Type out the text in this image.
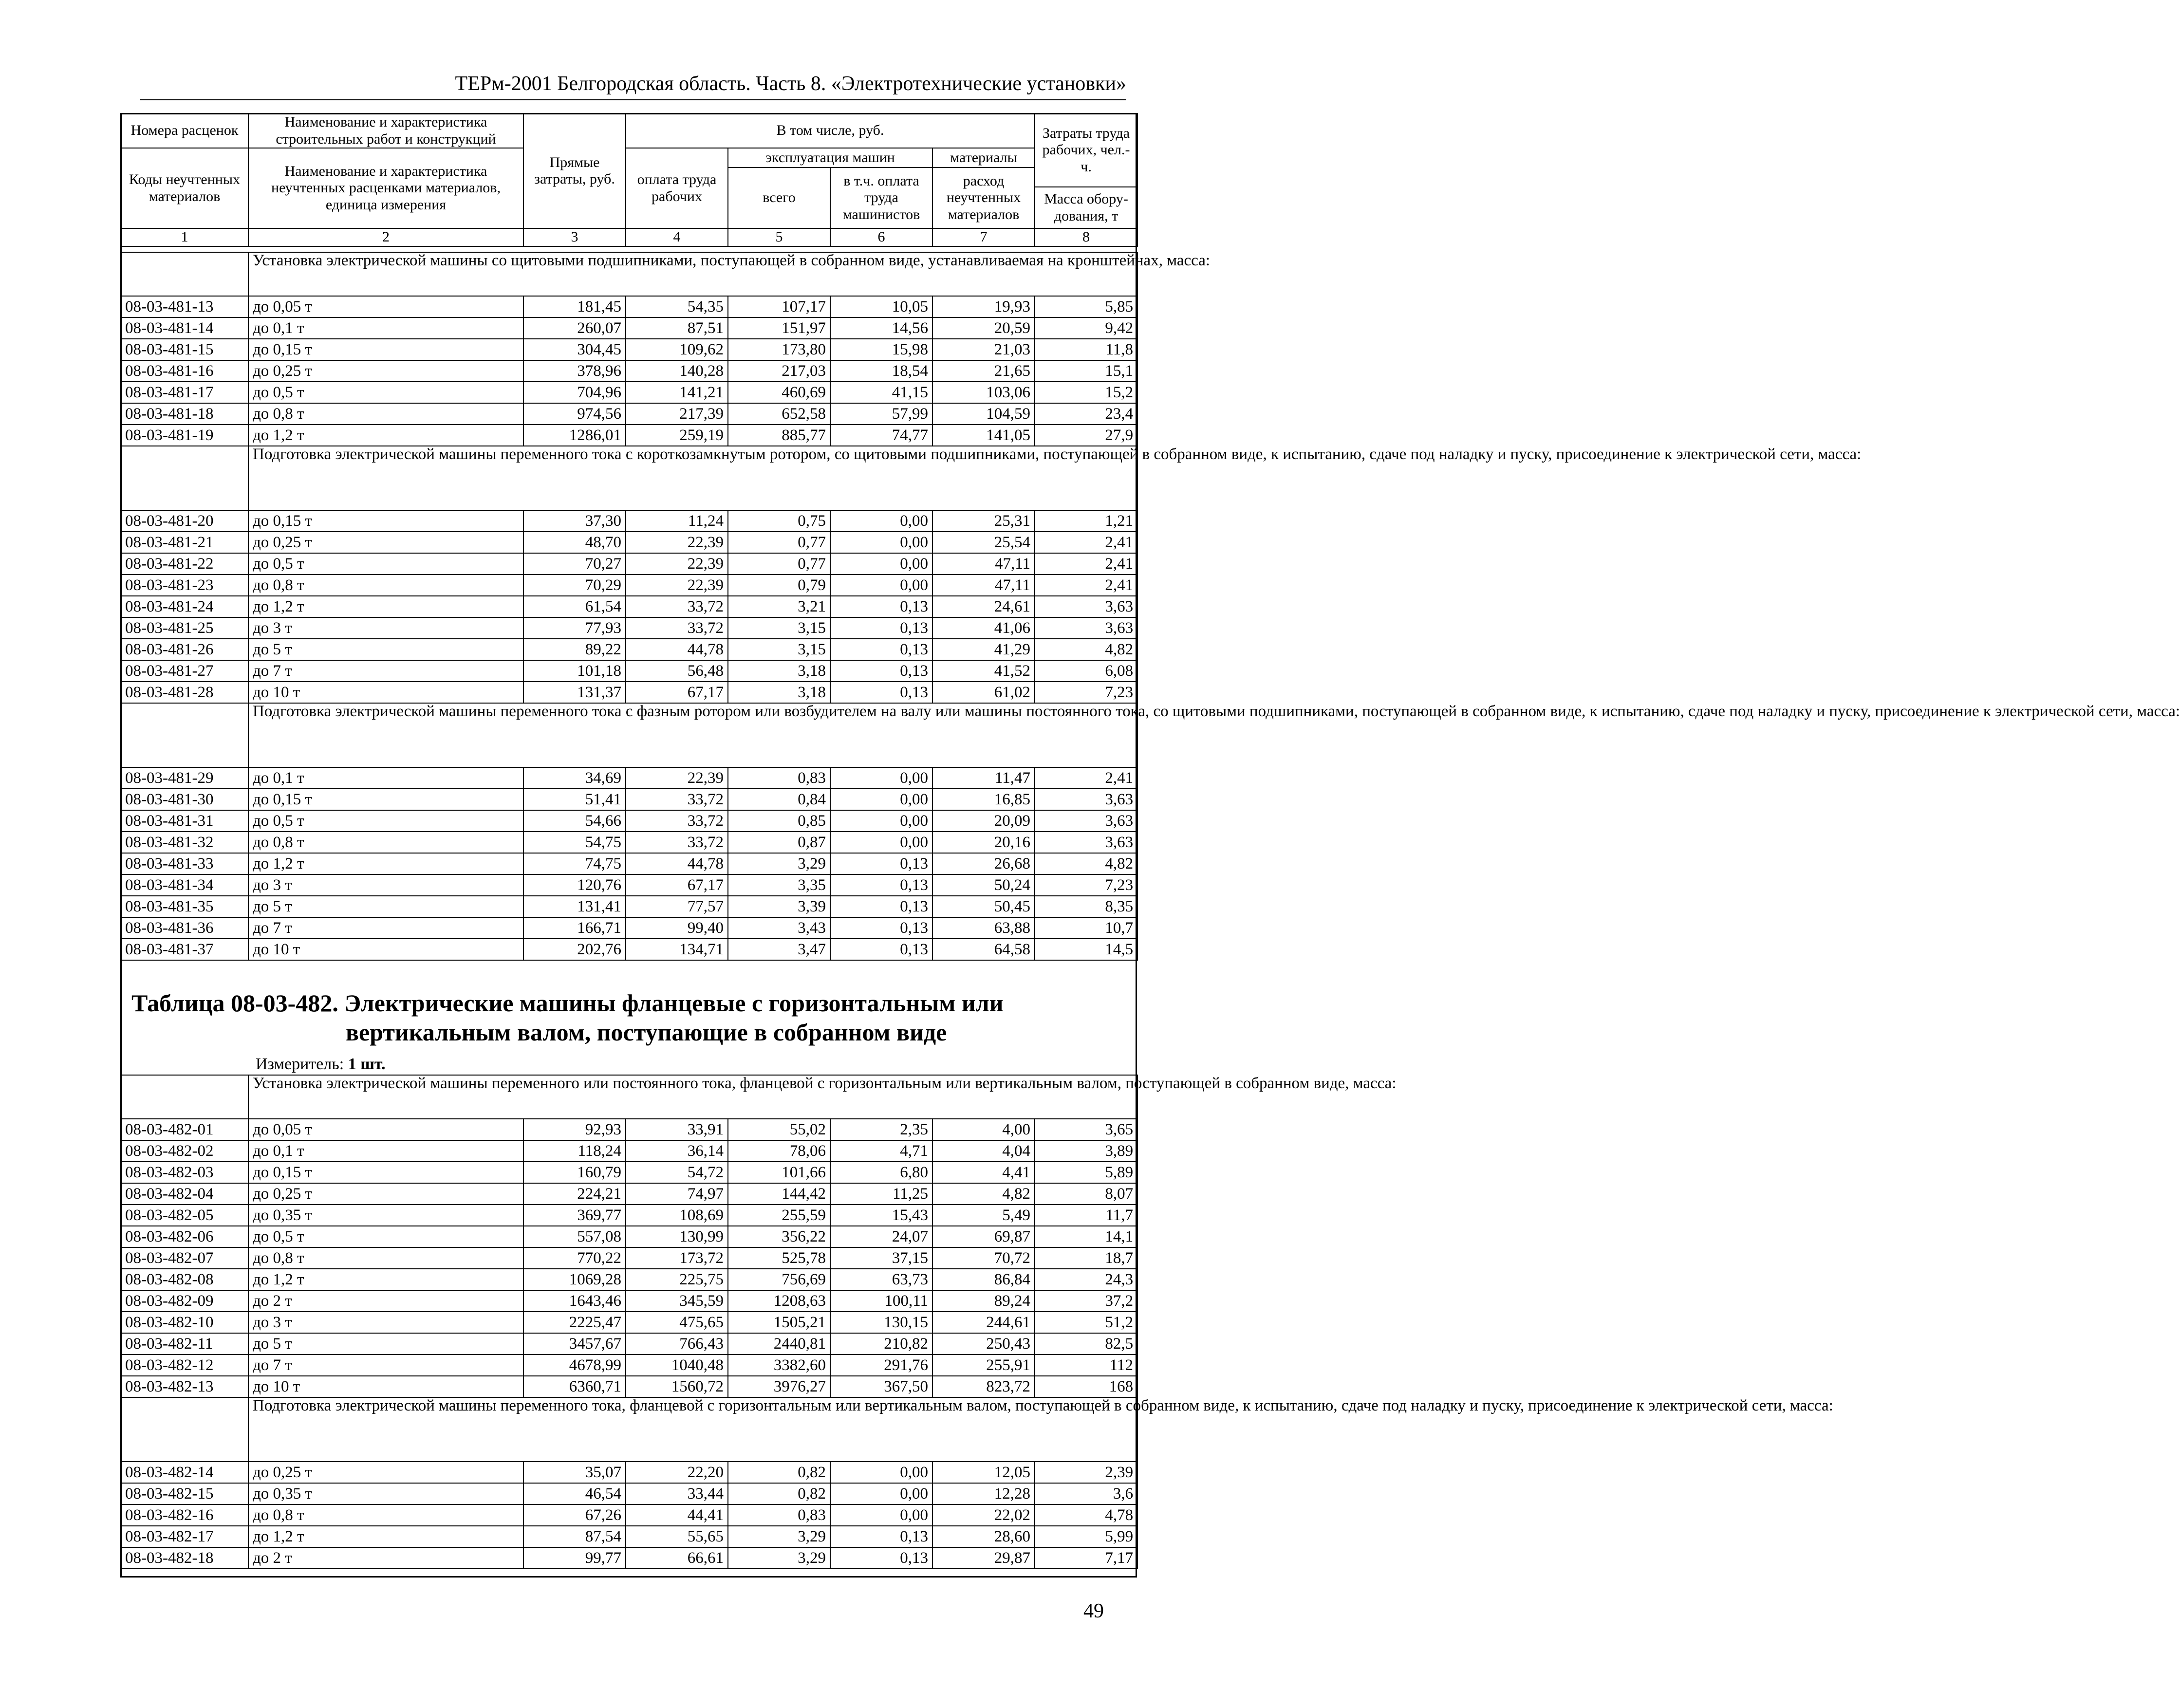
ТЕРм-2001 Белгородская область. Часть 8. «Электротехнические установки»
Номера расценок	Наименование и характеристика строительных работ и конструкций	Прямые затраты, руб.	В том числе, руб.				Затраты труда рабочих, чел.-ч.
Коды неучтенных материалов	Наименование и характеристика неучтенных расценками материалов, единица измерения		оплата труда рабочих	эксплуатация машин		материалы	
				всего	в т.ч. оплата труда машинистов	расход неучтенных материалов	
							Масса обору-дования, т
1	2	3	4	5	6	7	8
	Установка электрической машины со щитовыми подшипниками, поступающей в собранном виде, устанавливаемая на кронштейнах, масса:						
08-03-481-13	до 0,05 т	181,45	54,35	107,17	10,05	19,93	5,85
08-03-481-14	до 0,1 т	260,07	87,51	151,97	14,56	20,59	9,42
08-03-481-15	до 0,15 т	304,45	109,62	173,80	15,98	21,03	11,8
08-03-481-16	до 0,25 т	378,96	140,28	217,03	18,54	21,65	15,1
08-03-481-17	до 0,5 т	704,96	141,21	460,69	41,15	103,06	15,2
08-03-481-18	до 0,8 т	974,56	217,39	652,58	57,99	104,59	23,4
08-03-481-19	до 1,2 т	1286,01	259,19	885,77	74,77	141,05	27,9
	Подготовка электрической машины переменного тока с короткозамкнутым ротором, со щитовыми подшипниками, поступающей в собранном виде, к испытанию, сдаче под наладку и пуску, присоединение к электрической сети, масса:						
08-03-481-20	до 0,15 т	37,30	11,24	0,75	0,00	25,31	1,21
08-03-481-21	до 0,25 т	48,70	22,39	0,77	0,00	25,54	2,41
08-03-481-22	до 0,5 т	70,27	22,39	0,77	0,00	47,11	2,41
08-03-481-23	до 0,8 т	70,29	22,39	0,79	0,00	47,11	2,41
08-03-481-24	до 1,2 т	61,54	33,72	3,21	0,13	24,61	3,63
08-03-481-25	до 3 т	77,93	33,72	3,15	0,13	41,06	3,63
08-03-481-26	до 5 т	89,22	44,78	3,15	0,13	41,29	4,82
08-03-481-27	до 7 т	101,18	56,48	3,18	0,13	41,52	6,08
08-03-481-28	до 10 т	131,37	67,17	3,18	0,13	61,02	7,23
	Подготовка электрической машины переменного тока с фазным ротором или возбудителем на валу или машины постоянного тока, со щитовыми подшипниками, поступающей в собранном виде, к испытанию, сдаче под наладку и пуску, присоединение к электрической сети, масса:						
08-03-481-29	до 0,1 т	34,69	22,39	0,83	0,00	11,47	2,41
08-03-481-30	до 0,15 т	51,41	33,72	0,84	0,00	16,85	3,63
08-03-481-31	до 0,5 т	54,66	33,72	0,85	0,00	20,09	3,63
08-03-481-32	до 0,8 т	54,75	33,72	0,87	0,00	20,16	3,63
08-03-481-33	до 1,2 т	74,75	44,78	3,29	0,13	26,68	4,82
08-03-481-34	до 3 т	120,76	67,17	3,35	0,13	50,24	7,23
08-03-481-35	до 5 т	131,41	77,57	3,39	0,13	50,45	8,35
08-03-481-36	до 7 т	166,71	99,40	3,43	0,13	63,88	10,7
08-03-481-37	до 10 т	202,76	134,71	3,47	0,13	64,58	14,5
Таблица 08-03-482. Электрические машины фланцевые с горизонтальным или
вертикальным валом, поступающие в собранном виде
Измеритель: 1 шт.
	Установка электрической машины переменного или постоянного тока, фланцевой с горизонтальным или вертикальным валом, поступающей в собранном виде, масса:						
08-03-482-01	до 0,05 т	92,93	33,91	55,02	2,35	4,00	3,65
08-03-482-02	до 0,1 т	118,24	36,14	78,06	4,71	4,04	3,89
08-03-482-03	до 0,15 т	160,79	54,72	101,66	6,80	4,41	5,89
08-03-482-04	до 0,25 т	224,21	74,97	144,42	11,25	4,82	8,07
08-03-482-05	до 0,35 т	369,77	108,69	255,59	15,43	5,49	11,7
08-03-482-06	до 0,5 т	557,08	130,99	356,22	24,07	69,87	14,1
08-03-482-07	до 0,8 т	770,22	173,72	525,78	37,15	70,72	18,7
08-03-482-08	до 1,2 т	1069,28	225,75	756,69	63,73	86,84	24,3
08-03-482-09	до 2 т	1643,46	345,59	1208,63	100,11	89,24	37,2
08-03-482-10	до 3 т	2225,47	475,65	1505,21	130,15	244,61	51,2
08-03-482-11	до 5 т	3457,67	766,43	2440,81	210,82	250,43	82,5
08-03-482-12	до 7 т	4678,99	1040,48	3382,60	291,76	255,91	112
08-03-482-13	до 10 т	6360,71	1560,72	3976,27	367,50	823,72	168
	Подготовка электрической машины переменного тока, фланцевой с горизонтальным или вертикальным валом, поступающей в собранном виде, к испытанию, сдаче под наладку и пуску, присоединение к электрической сети, масса:						
08-03-482-14	до 0,25 т	35,07	22,20	0,82	0,00	12,05	2,39
08-03-482-15	до 0,35 т	46,54	33,44	0,82	0,00	12,28	3,6
08-03-482-16	до 0,8 т	67,26	44,41	0,83	0,00	22,02	4,78
08-03-482-17	до 1,2 т	87,54	55,65	3,29	0,13	28,60	5,99
08-03-482-18	до 2 т	99,77	66,61	3,29	0,13	29,87	7,17
49
